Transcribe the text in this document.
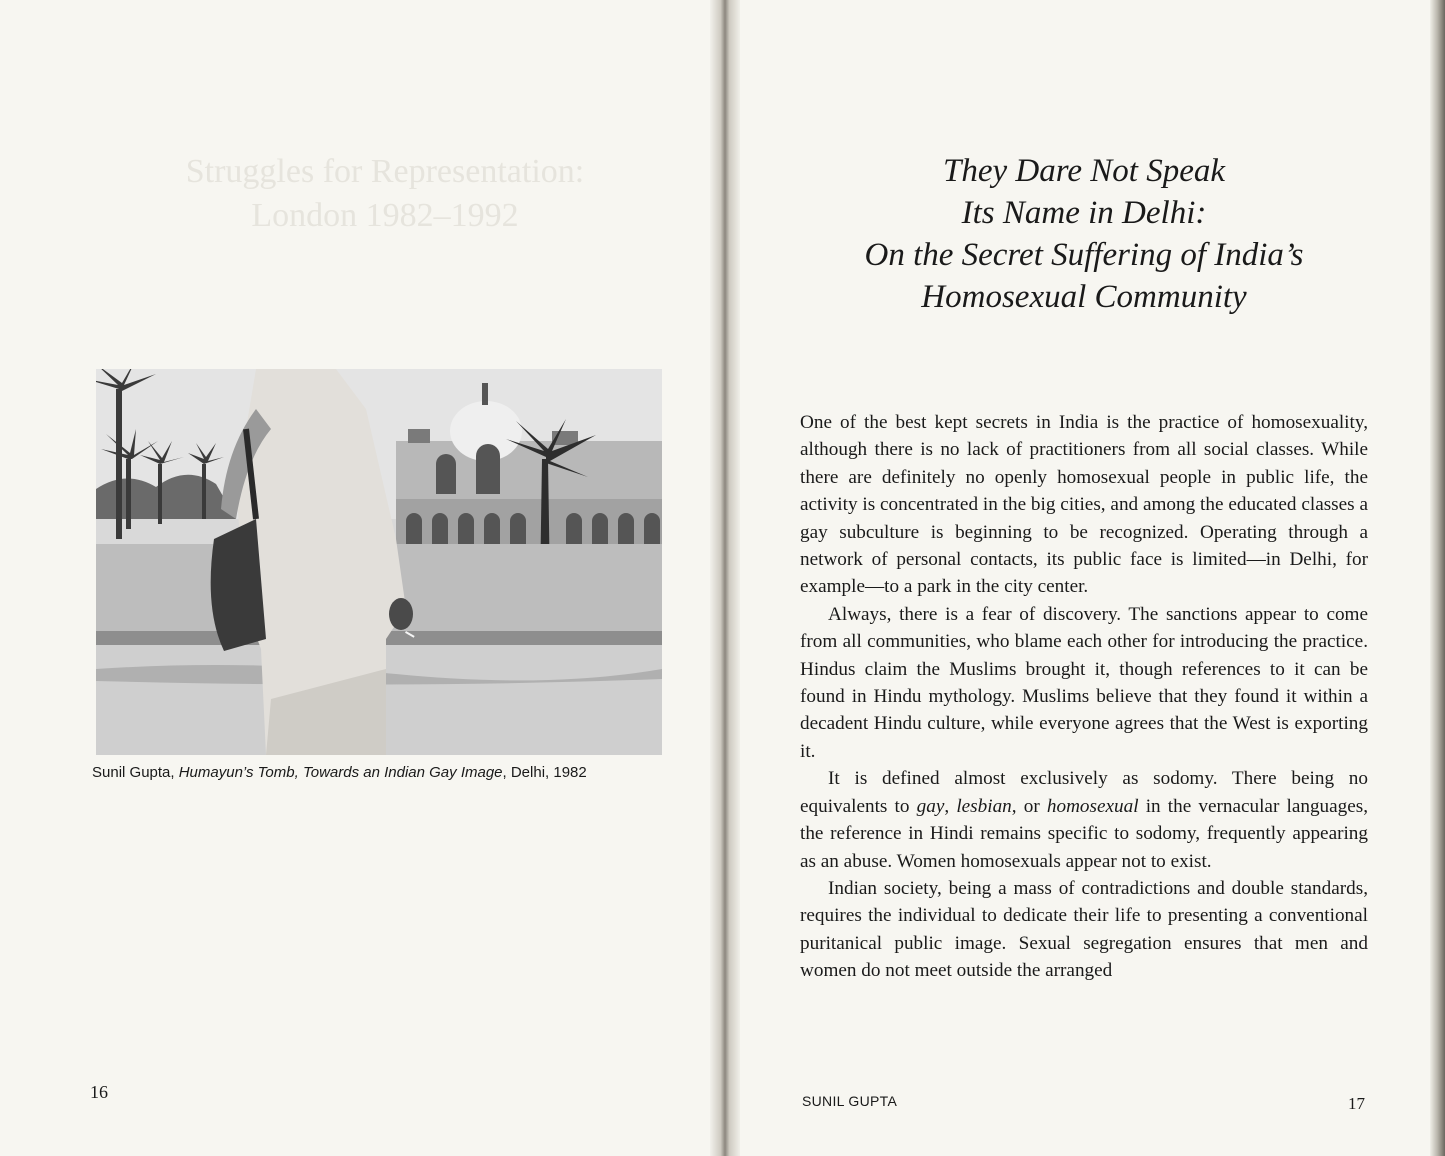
Struggles for Representation: London 1982–1992
Sunil Gupta, Humayun’s Tomb, Towards an Indian Gay Image, Delhi, 1982
16
They Dare Not Speak
Its Name in Delhi:
On the Secret Suffering of India’s
Homosexual Community

One of the best kept secrets in India is the practice of homosexuality, although there is no lack of practitioners from all social classes. While there are definitely no openly homosexual people in public life, the activity is concentrated in the big cities, and among the educated classes a gay subculture is beginning to be recognized. Operating through a network of personal contacts, its public face is limited—in Delhi, for example—to a park in the city center.

Always, there is a fear of discovery. The sanctions appear to come from all communities, who blame each other for introducing the practice. Hindus claim the Muslims brought it, though references to it can be found in Hindu mythology. Muslims believe that they found it within a decadent Hindu culture, while everyone agrees that the West is exporting it.

It is defined almost exclusively as sodomy. There being no equivalents to gay, lesbian, or homosexual in the vernacular languages, the reference in Hindi remains specific to sodomy, frequently appearing as an abuse. Women homosexuals appear not to exist.

Indian society, being a mass of contradictions and double standards, requires the individual to dedicate their life to presenting a conventional puritanical public image. Sexual segregation ensures that men and women do not meet outside the arranged

SUNIL GUPTA	17
